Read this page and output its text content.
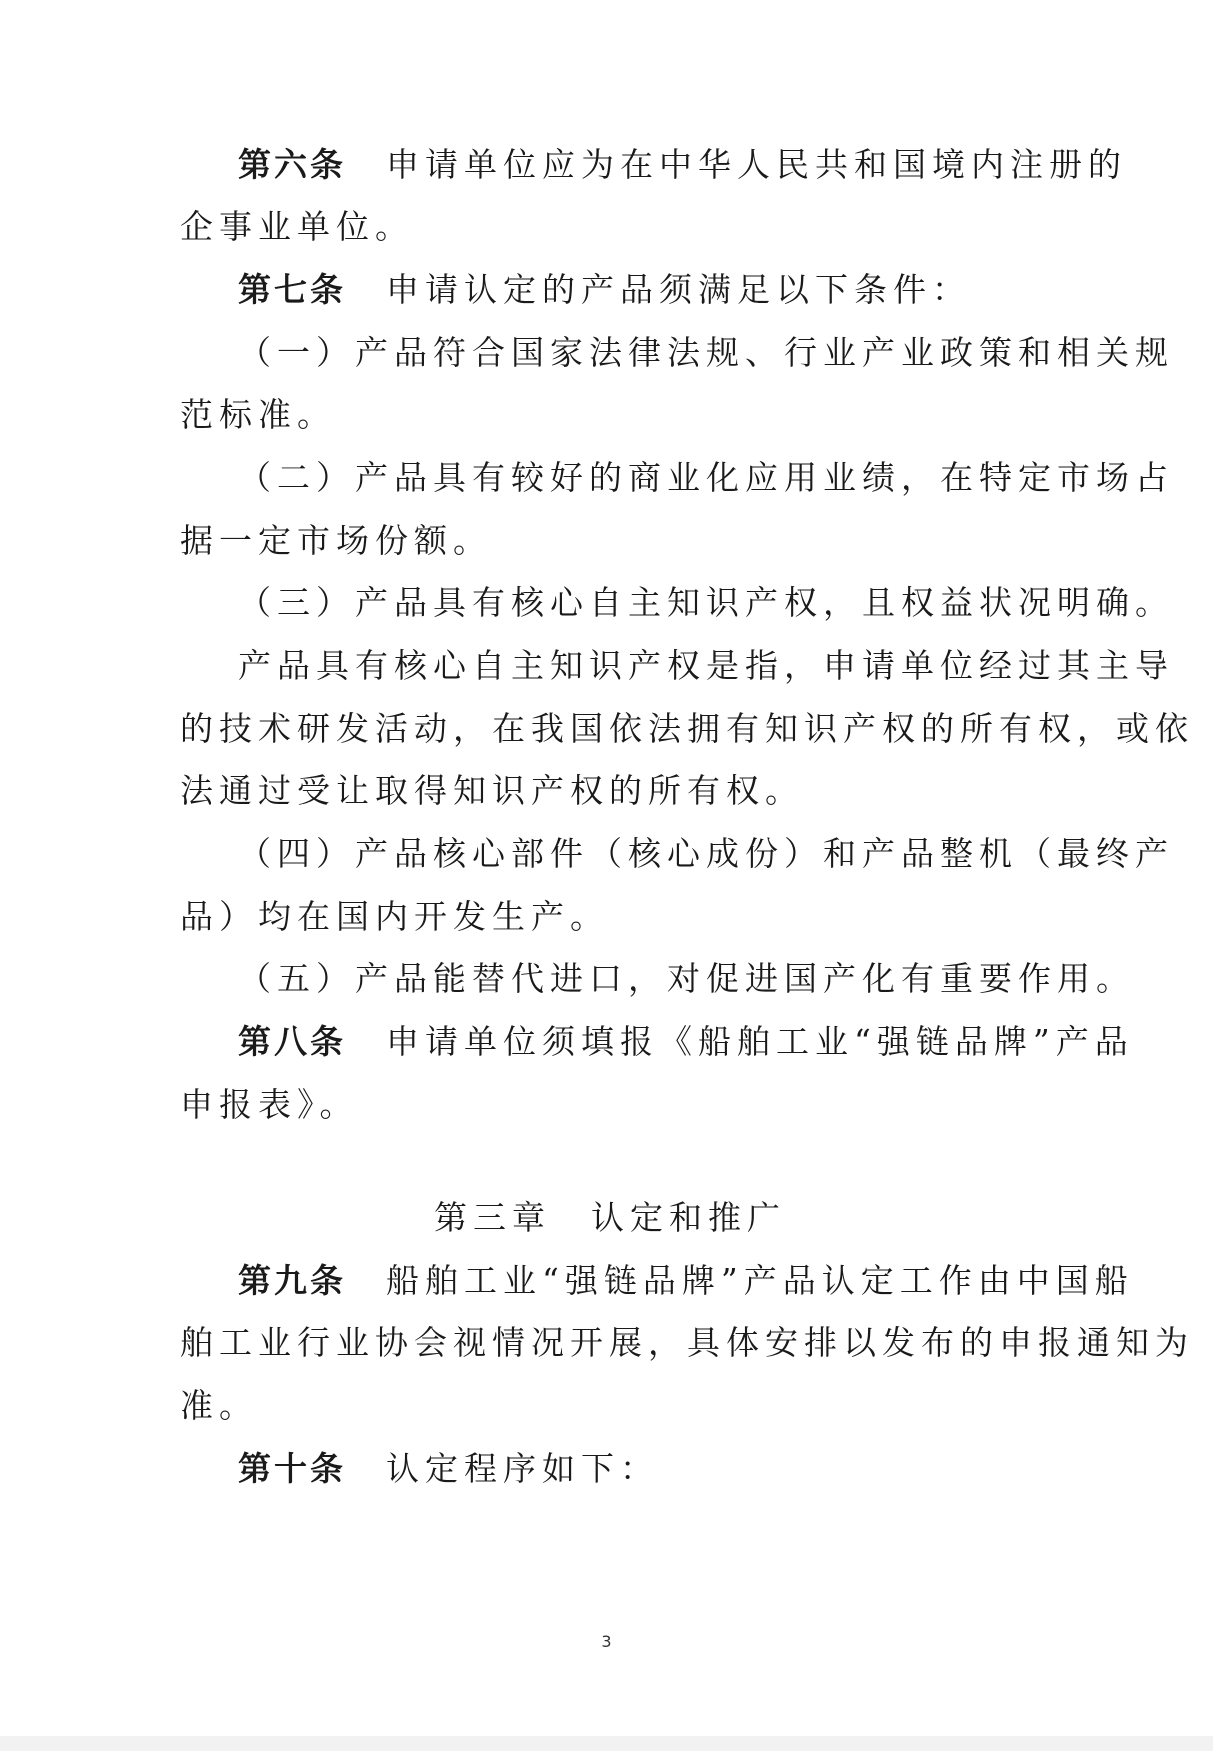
第六条 申请单位应为在中华人民共和国境内注册的
企事业单位。
第七条 申请认定的产品须满足以下条件：
（一）产品符合国家法律法规、行业产业政策和相关规
范标准。
（二）产品具有较好的商业化应用业绩，在特定市场占
据一定市场份额。
（三）产品具有核心自主知识产权，且权益状况明确。
产品具有核心自主知识产权是指，申请单位经过其主导
的技术研发活动，在我国依法拥有知识产权的所有权，或依
法通过受让取得知识产权的所有权。
（四）产品核心部件（核心成份）和产品整机（最终产
品）均在国内开发生产。
（五）产品能替代进口，对促进国产化有重要作用。
第八条 申请单位须填报《船舶工业“强链品牌”产品
申报表》。
第三章 认定和推广
第九条 船舶工业“强链品牌”产品认定工作由中国船
舶工业行业协会视情况开展，具体安排以发布的申报通知为
准。
第十条 认定程序如下：
3
